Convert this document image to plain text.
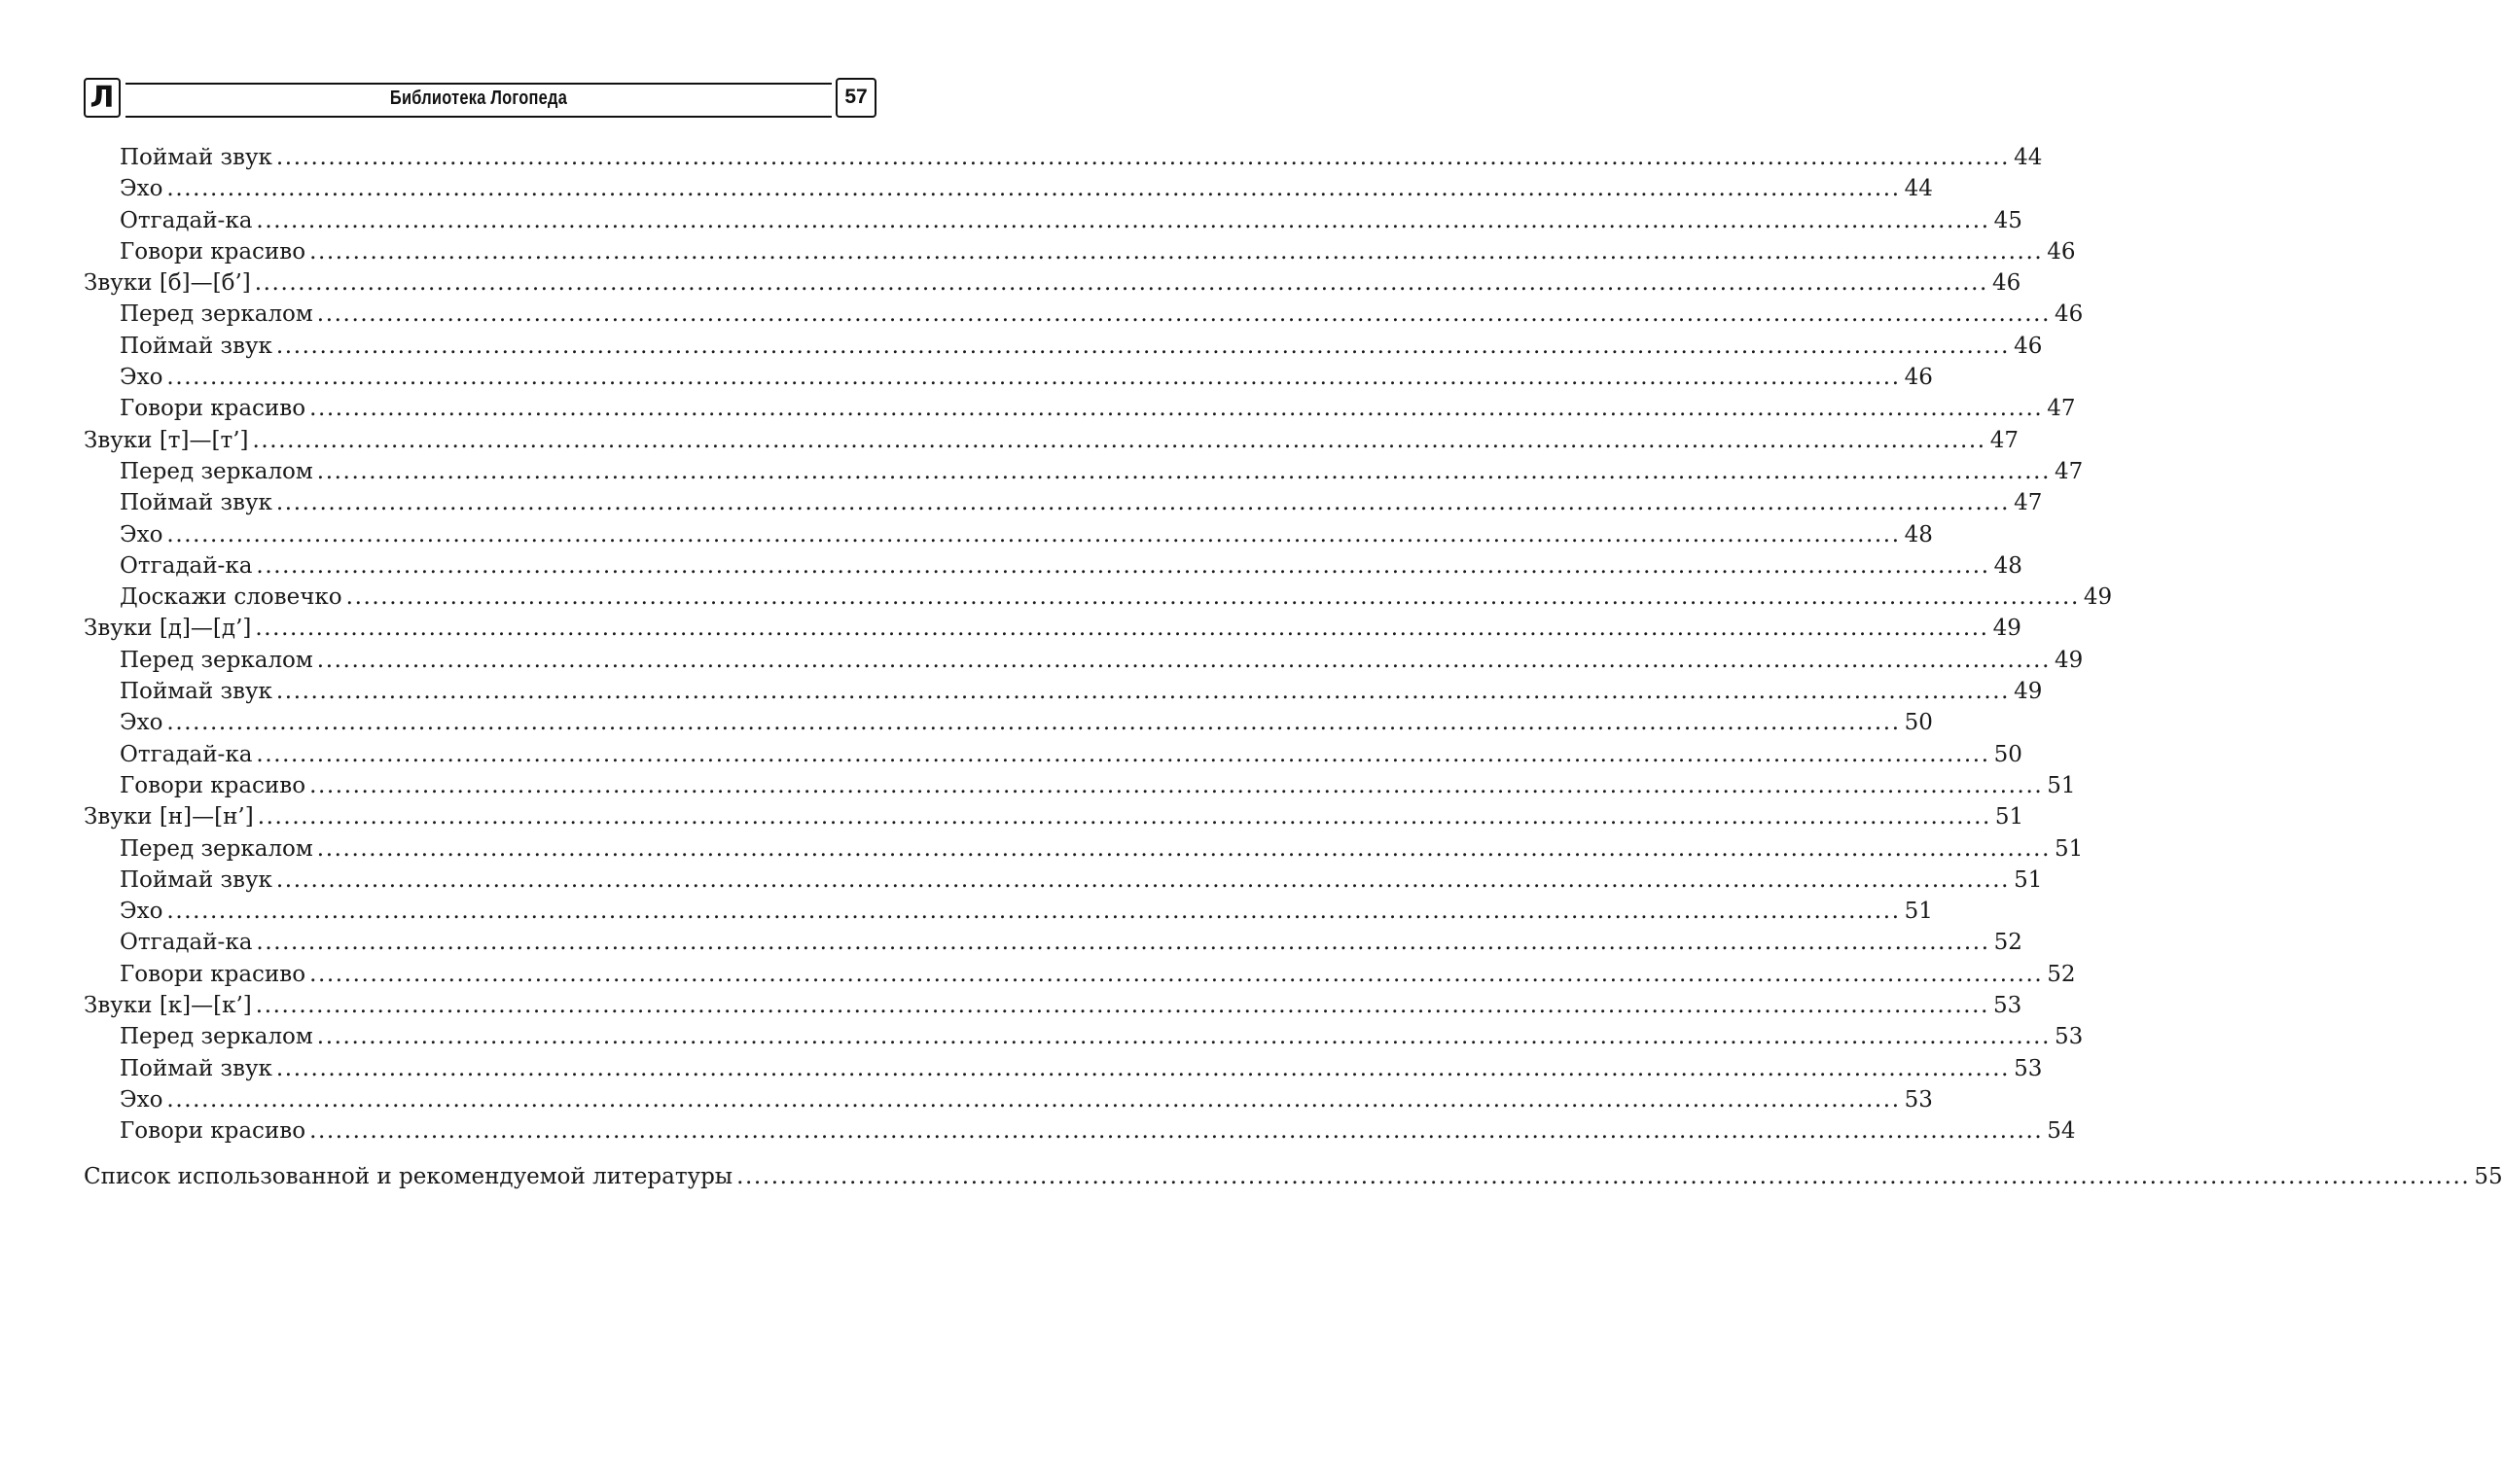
Л	Библиотека Логопеда	57
Поймай звук ........................................................................................................................................................................................................ 44
Эхо ........................................................................................................................................................................................................ 44
Отгадай-ка ........................................................................................................................................................................................................ 45
Говори красиво ........................................................................................................................................................................................................ 46
Звуки [б]—[б’] ........................................................................................................................................................................................................ 46
Перед зеркалом ........................................................................................................................................................................................................ 46
Поймай звук ........................................................................................................................................................................................................ 46
Эхо ........................................................................................................................................................................................................ 46
Говори красиво ........................................................................................................................................................................................................ 47
Звуки [т]—[т’] ........................................................................................................................................................................................................ 47
Перед зеркалом ........................................................................................................................................................................................................ 47
Поймай звук ........................................................................................................................................................................................................ 47
Эхо ........................................................................................................................................................................................................ 48
Отгадай-ка ........................................................................................................................................................................................................ 48
Доскажи словечко ........................................................................................................................................................................................................ 49
Звуки [д]—[д’] ........................................................................................................................................................................................................ 49
Перед зеркалом ........................................................................................................................................................................................................ 49
Поймай звук ........................................................................................................................................................................................................ 49
Эхо ........................................................................................................................................................................................................ 50
Отгадай-ка ........................................................................................................................................................................................................ 50
Говори красиво ........................................................................................................................................................................................................ 51
Звуки [н]—[н’] ........................................................................................................................................................................................................ 51
Перед зеркалом ........................................................................................................................................................................................................ 51
Поймай звук ........................................................................................................................................................................................................ 51
Эхо ........................................................................................................................................................................................................ 51
Отгадай-ка ........................................................................................................................................................................................................ 52
Говори красиво ........................................................................................................................................................................................................ 52
Звуки [к]—[к’] ........................................................................................................................................................................................................ 53
Перед зеркалом ........................................................................................................................................................................................................ 53
Поймай звук ........................................................................................................................................................................................................ 53
Эхо ........................................................................................................................................................................................................ 53
Говори красиво ........................................................................................................................................................................................................ 54
Список использованной и рекомендуемой литературы ........................................................................................................................................................................................................ 55
